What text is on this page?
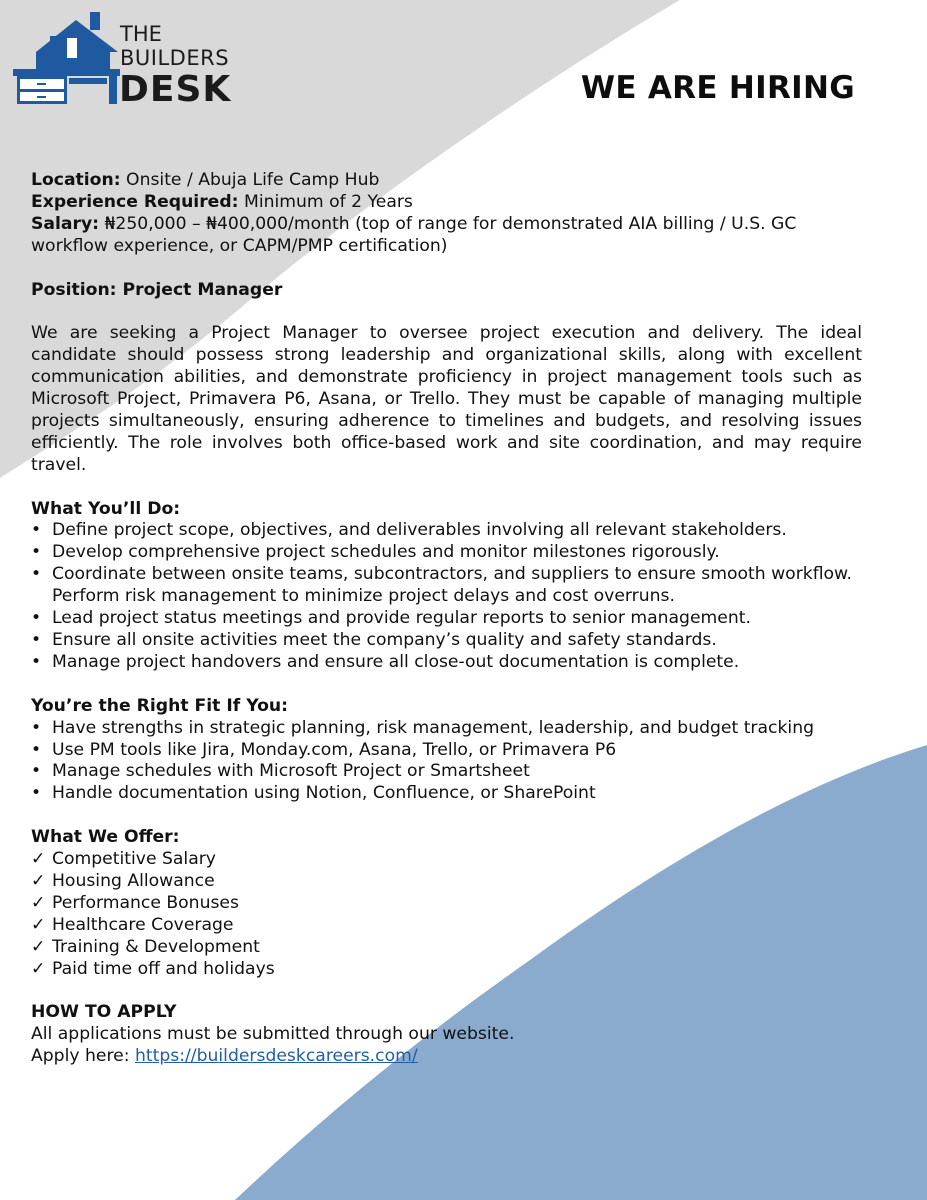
THE
BUILDERS
DESK	WE ARE HIRING

Location: Onsite / Abuja Life Camp Hub

Experience Required: Minimum of 2 Years

Salary: ₦250,000 – ₦400,000/month (top of range for demonstrated AIA billing / U.S. GC workflow experience, or CAPM/PMP certification)

Position: Project Manager

We are seeking a Project Manager to oversee project execution and delivery. The ideal candidate should possess strong leadership and organizational skills, along with excellent communication abilities, and demonstrate proficiency in project management tools such as Microsoft Project, Primavera P6, Asana, or Trello. They must be capable of managing multiple projects simultaneously, ensuring adherence to timelines and budgets, and resolving issues efficiently. The role involves both office-based work and site coordination, and may require travel.

What You’ll Do:

• Define project scope, objectives, and deliverables involving all relevant stakeholders.

• Develop comprehensive project schedules and monitor milestones rigorously.

• Coordinate between onsite teams, subcontractors, and suppliers to ensure smooth workflow. Perform risk management to minimize project delays and cost overruns.

• Lead project status meetings and provide regular reports to senior management.

• Ensure all onsite activities meet the company’s quality and safety standards.

• Manage project handovers and ensure all close-out documentation is complete.

You’re the Right Fit If You:

• Have strengths in strategic planning, risk management, leadership, and budget tracking

• Use PM tools like Jira, Monday.com, Asana, Trello, or Primavera P6

• Manage schedules with Microsoft Project or Smartsheet

• Handle documentation using Notion, Confluence, or SharePoint

What We Offer:

✓ Competitive Salary

✓ Housing Allowance

✓ Performance Bonuses

✓ Healthcare Coverage

✓ Training & Development

✓ Paid time off and holidays

HOW TO APPLY

All applications must be submitted through our website.

Apply here: https://buildersdeskcareers.com/
